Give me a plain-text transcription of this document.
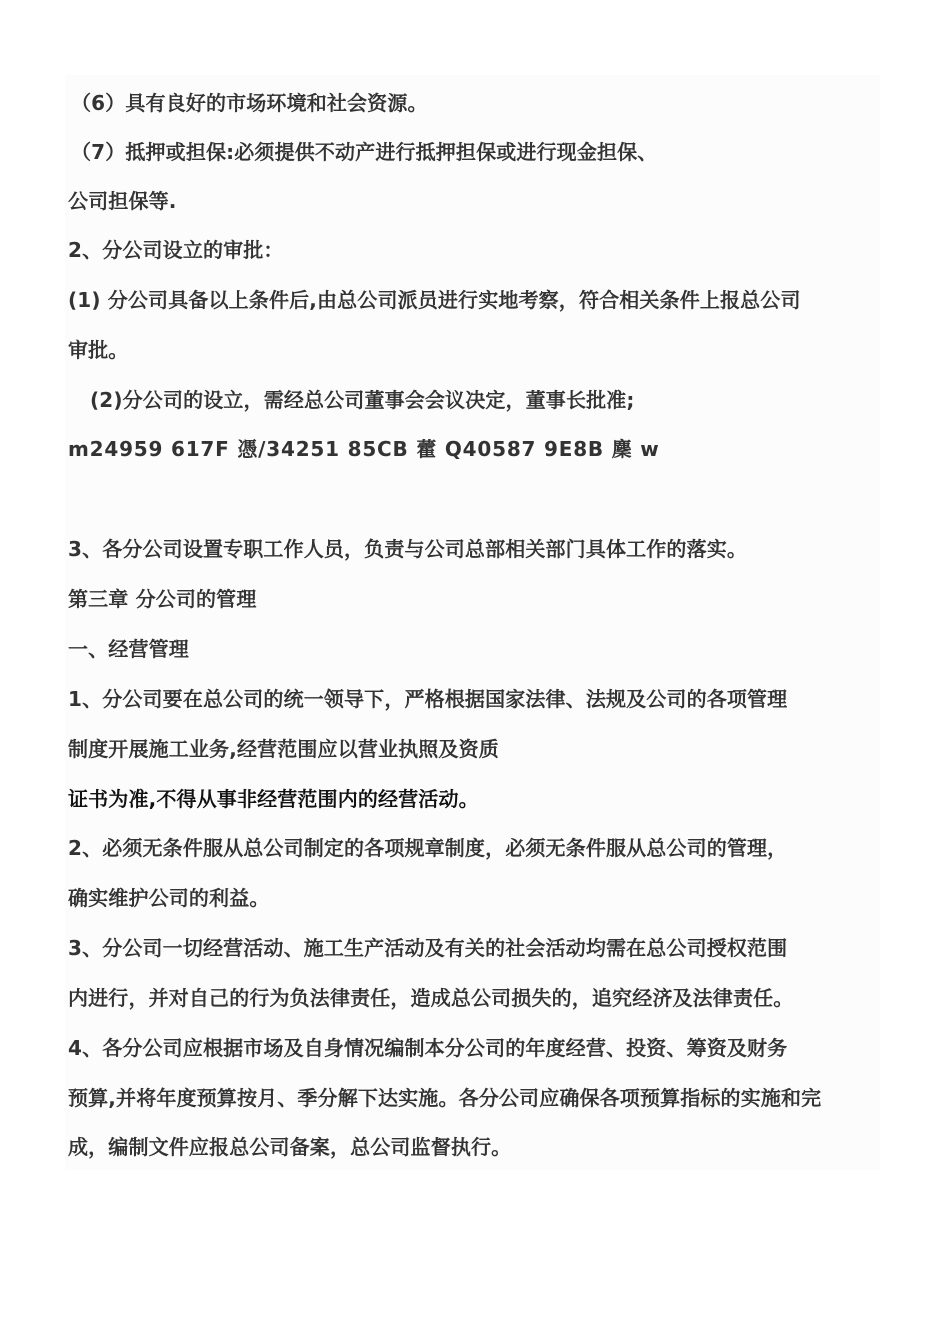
（6）具有良好的市场环境和社会资源。
（7）抵押或担保:必须提供不动产进行抵押担保或进行现金担保、
公司担保等.
2、分公司设立的审批：
(1) 分公司具备以上条件后,由总公司派员进行实地考察，符合相关条件上报总公司
审批。
(2)分公司的设立，需经总公司董事会会议决定，董事长批准;
m24959 617F 憑/34251 85CB 藿 Q40587 9E8B 麇 w
3、各分公司设置专职工作人员，负责与公司总部相关部门具体工作的落实。
第三章 分公司的管理
一、经营管理
1、分公司要在总公司的统一领导下，严格根据国家法律、法规及公司的各项管理
制度开展施工业务,经营范围应以营业执照及资质
证书为准,不得从事非经营范围内的经营活动。
2、必须无条件服从总公司制定的各项规章制度，必须无条件服从总公司的管理，
确实维护公司的利益。
3、分公司一切经营活动、施工生产活动及有关的社会活动均需在总公司授权范围
内进行，并对自己的行为负法律责任，造成总公司损失的，追究经济及法律责任。
4、各分公司应根据市场及自身情况编制本分公司的年度经营、投资、筹资及财务
预算,并将年度预算按月、季分解下达实施。各分公司应确保各项预算指标的实施和完
成，编制文件应报总公司备案，总公司监督执行。
